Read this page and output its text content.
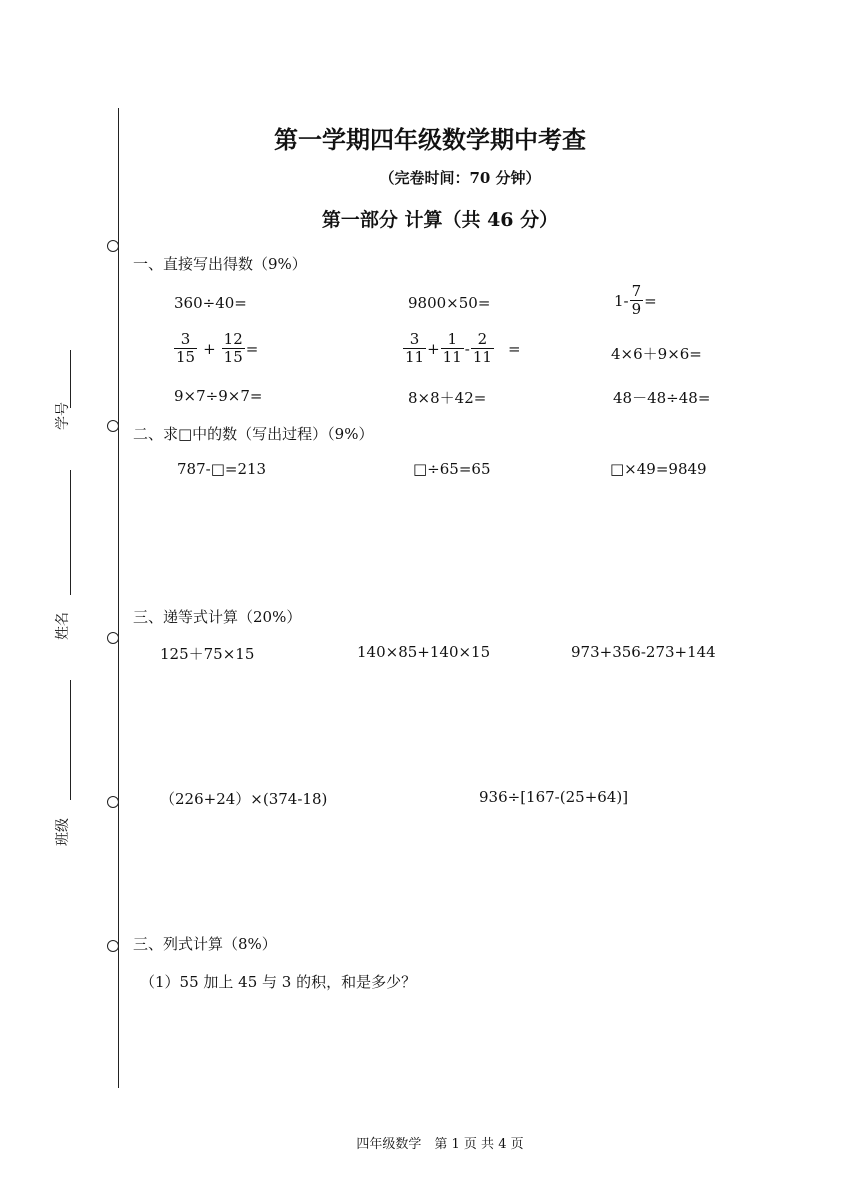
学号
姓名
班级
第一学期四年级数学期中考查
（完卷时间：70 分钟）
第一部分 计算（共 46 分）
一、直接写出得数（9%）
360÷40=	9800×50=	$1- \frac{7}{9}$ =
$\frac{3}{15} + \frac{12}{15}$ =	$\frac{3}{11} + \frac{1}{11} - \frac{2}{11}$ =	4×6＋9×6=
9×7÷9×7=	8×8＋42=	48－48÷48=
二、求□中的数（写出过程）（9%）
787-□=213	□÷65=65	□×49=9849
三、递等式计算（20%）
125＋75×15	140×85+140×15	973+356-273+144
（226+24）×(374-18)	936÷[167-(25+64)]
三、列式计算（8%）
（1）55 加上 45 与 3 的积，和是多少？
四年级数学　第 1 页 共 4 页
